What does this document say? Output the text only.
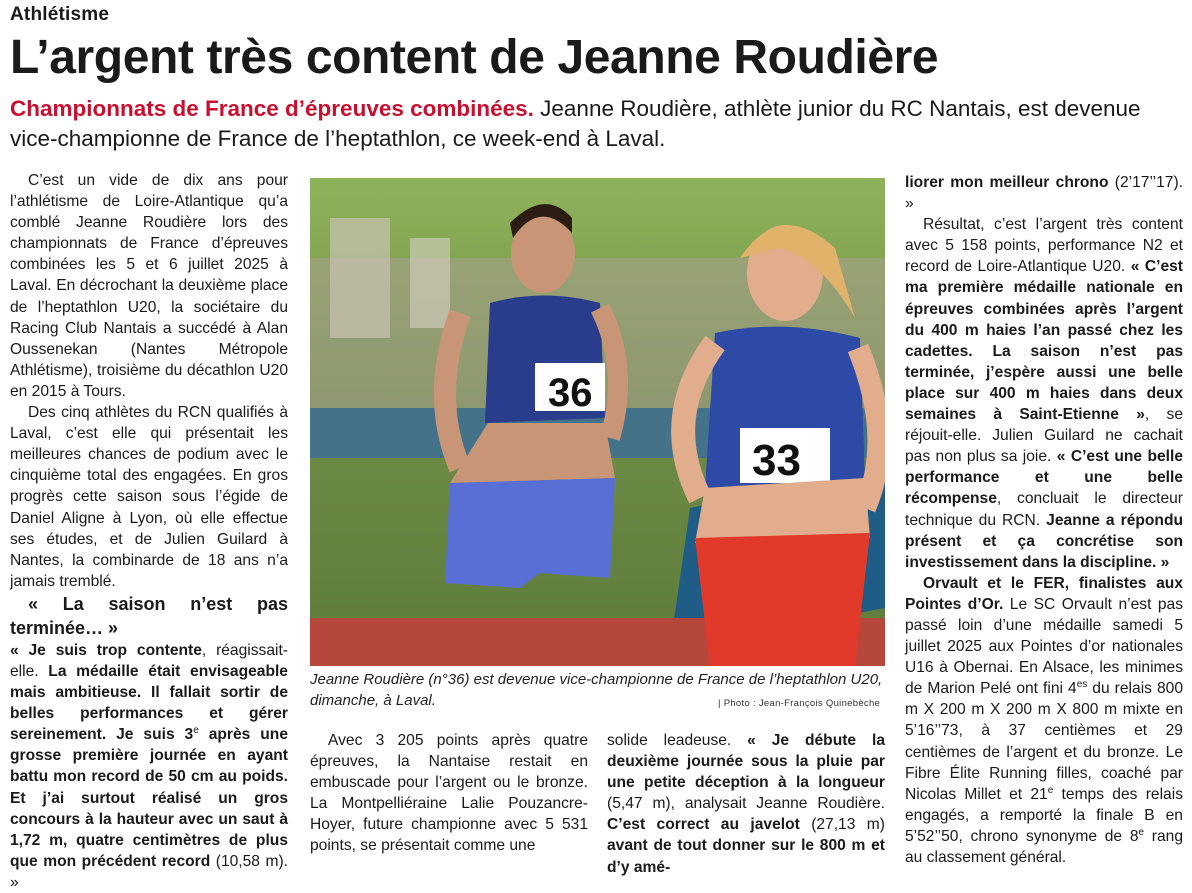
Athlétisme
L’argent très content de Jeanne Roudière
Championnats de France d’épreuves combinées. Jeanne Roudière, athlète junior du RC Nantais, est devenue vice-championne de France de l’heptathlon, ce week-end à Laval.

C’est un vide de dix ans pour l’athlétisme de Loire-Atlantique qu’a comblé Jeanne Roudière lors des championnats de France d’épreuves combinées les 5 et 6 juillet 2025 à Laval. En décrochant la deuxième place de l’heptathlon U20, la sociétaire du Racing Club Nantais a succédé à Alan Oussenekan (Nantes Métropole Athlétisme), troisième du décathlon U20 en 2015 à Tours.

Des cinq athlètes du RCN qualifiés à Laval, c’est elle qui présentait les meilleures chances de podium avec le cinquième total des engagées. En gros progrès cette saison sous l’égide de Daniel Aligne à Lyon, où elle effectue ses études, et de Julien Guilard à Nantes, la combinarde de 18 ans n’a jamais tremblé.

« La saison n’est pas terminée… »

« Je suis trop contente, réagissait-elle. La médaille était envisageable mais ambitieuse. Il fallait sortir de belles performances et gérer sereinement. Je suis 3e après une grosse première journée en ayant battu mon record de 50 cm au poids. Et j’ai surtout réalisé un gros concours à la hauteur avec un saut à 1,72 m, quatre centimètres de plus que mon précédent record (10,58 m). »

36
33
Jeanne Roudière (n°36) est devenue vice-championne de France de l’heptathlon U20, dimanche, à Laval.	| Photo : Jean-François Quinebèche

Avec 3 205 points après quatre épreuves, la Nantaise restait en embuscade pour l’argent ou le bronze. La Montpelliéraine Lalie Pouzancre-Hoyer, future championne avec 5 531 points, se présentait comme une

solide leadeuse. « Je débute la deuxième journée sous la pluie par une petite déception à la longueur (5,47 m), analysait Jeanne Roudière. C’est correct au javelot (27,13 m) avant de tout donner sur le 800 m et d’y amé-

liorer mon meilleur chrono (2’17’’17). »

Résultat, c’est l’argent très content avec 5 158 points, performance N2 et record de Loire-Atlantique U20. « C’est ma première médaille nationale en épreuves combinées après l’argent du 400 m haies l’an passé chez les cadettes. La saison n’est pas terminée, j’espère aussi une belle place sur 400 m haies dans deux semaines à Saint-Etienne », se réjouit-elle. Julien Guilard ne cachait pas non plus sa joie. « C’est une belle performance et une belle récompense, concluait le directeur technique du RCN. Jeanne a répondu présent et ça concrétise son investissement dans la discipline. »

Orvault et le FER, finalistes aux Pointes d’Or. Le SC Orvault n’est pas passé loin d’une médaille samedi 5 juillet 2025 aux Pointes d’or nationales U16 à Obernai. En Alsace, les minimes de Marion Pelé ont fini $4^{es}$ du relais 800 m X 200 m X 200 m X 800 m mixte en 5’16’’73, à 37 centièmes et 29 centièmes de l’argent et du bronze. Le Fibre Élite Running filles, coaché par Nicolas Millet et 21e temps des relais engagés, a remporté la finale B en 5’52’’50, chrono synonyme de 8e rang au classement général.
